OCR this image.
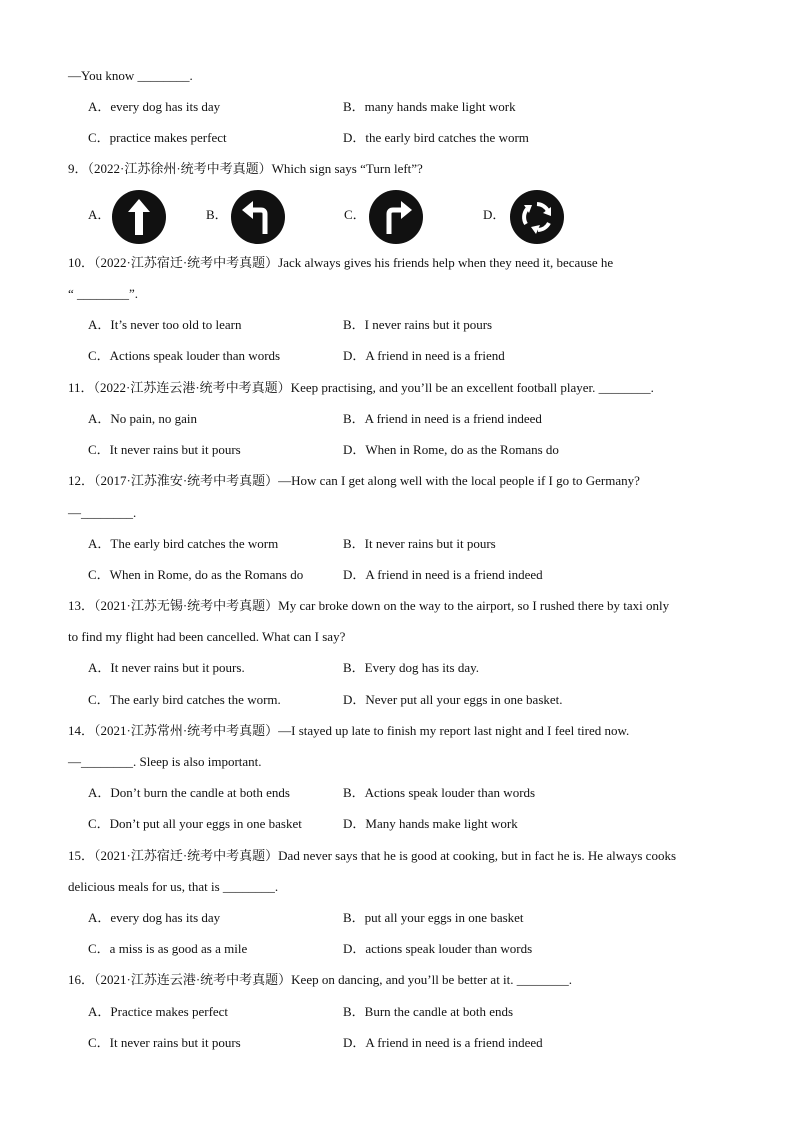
—You know ________.
A．every dog has its day	B．many hands make light work
C．practice makes perfect	D．the early bird catches the worm
9．（2022·江苏徐州·统考中考真题）Which sign says “Turn left”?
A．	B．	C．	D．
10．（2022·江苏宿迁·统考中考真题）Jack always gives his friends help when they need it, because he
“ ________”.
A．It’s never too old to learn	B．I never rains but it pours
C．Actions speak louder than words	D．A friend in need is a friend
11．（2022·江苏连云港·统考中考真题）Keep practising, and you’ll be an excellent football player. ________.
A．No pain, no gain	B．A friend in need is a friend indeed
C．It never rains but it pours	D．When in Rome, do as the Romans do
12．（2017·江苏淮安·统考中考真题）—How can I get along well with the local people if I go to Germany?
—________.
A．The early bird catches the worm	B．It never rains but it pours
C．When in Rome, do as the Romans do	D．A friend in need is a friend indeed
13．（2021·江苏无锡·统考中考真题）My car broke down on the way to the airport, so I rushed there by taxi only
to find my flight had been cancelled. What can I say?
A．It never rains but it pours.	B．Every dog has its day.
C．The early bird catches the worm.	D．Never put all your eggs in one basket.
14．（2021·江苏常州·统考中考真题）—I stayed up late to finish my report last night and I feel tired now.
—________. Sleep is also important.
A．Don’t burn the candle at both ends	B．Actions speak louder than words
C．Don’t put all your eggs in one basket	D．Many hands make light work
15．（2021·江苏宿迁·统考中考真题）Dad never says that he is good at cooking, but in fact he is. He always cooks
delicious meals for us, that is ________.
A．every dog has its day	B．put all your eggs in one basket
C．a miss is as good as a mile	D．actions speak louder than words
16．（2021·江苏连云港·统考中考真题）Keep on dancing, and you’ll be better at it. ________.
A．Practice makes perfect	B．Burn the candle at both ends
C．It never rains but it pours	D．A friend in need is a friend indeed
